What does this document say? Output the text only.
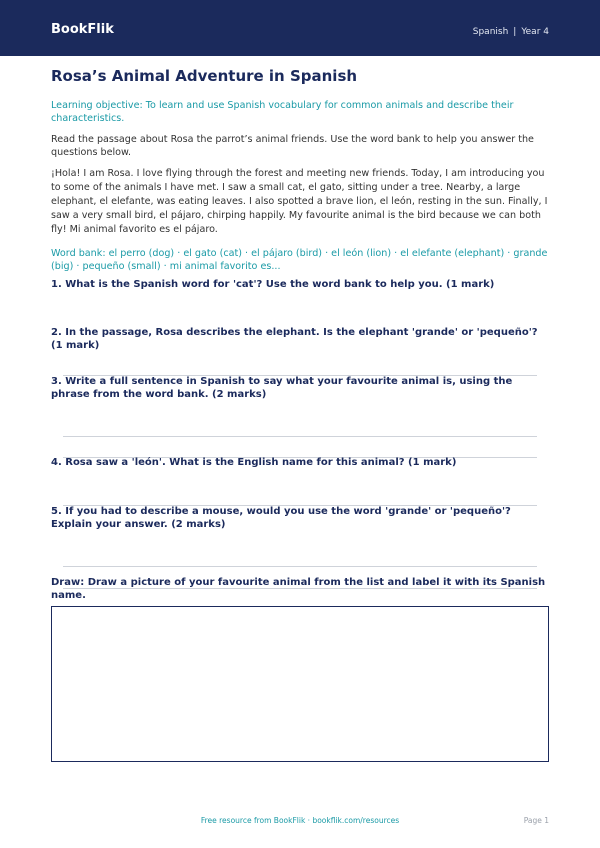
BookFlik	Spanish | Year 4
Rosa’s Animal Adventure in Spanish
Learning objective: To learn and use Spanish vocabulary for common animals and describe their characteristics.
Read the passage about Rosa the parrot’s animal friends. Use the word bank to help you answer the questions below.
¡Hola! I am Rosa. I love flying through the forest and meeting new friends. Today, I am introducing you to some of the animals I have met. I saw a small cat, el gato, sitting under a tree. Nearby, a large elephant, el elefante, was eating leaves. I also spotted a brave lion, el león, resting in the sun. Finally, I saw a very small bird, el pájaro, chirping happily. My favourite animal is the bird because we can both fly! Mi animal favorito es el pájaro.
Word bank: el perro (dog) · el gato (cat) · el pájaro (bird) · el león (lion) · el elefante (elephant) · grande (big) · pequeño (small) · mi animal favorito es...
1. What is the Spanish word for 'cat'? Use the word bank to help you. (1 mark)
2. In the passage, Rosa describes the elephant. Is the elephant 'grande' or 'pequeño'? (1 mark)
3. Write a full sentence in Spanish to say what your favourite animal is, using the phrase from the word bank. (2 marks)
4. Rosa saw a 'león'. What is the English name for this animal? (1 mark)
5. If you had to describe a mouse, would you use the word 'grande' or 'pequeño'? Explain your answer. (2 marks)
Draw: Draw a picture of your favourite animal from the list and label it with its Spanish name.
Free resource from BookFlik · bookflik.com/resources	Page 1
